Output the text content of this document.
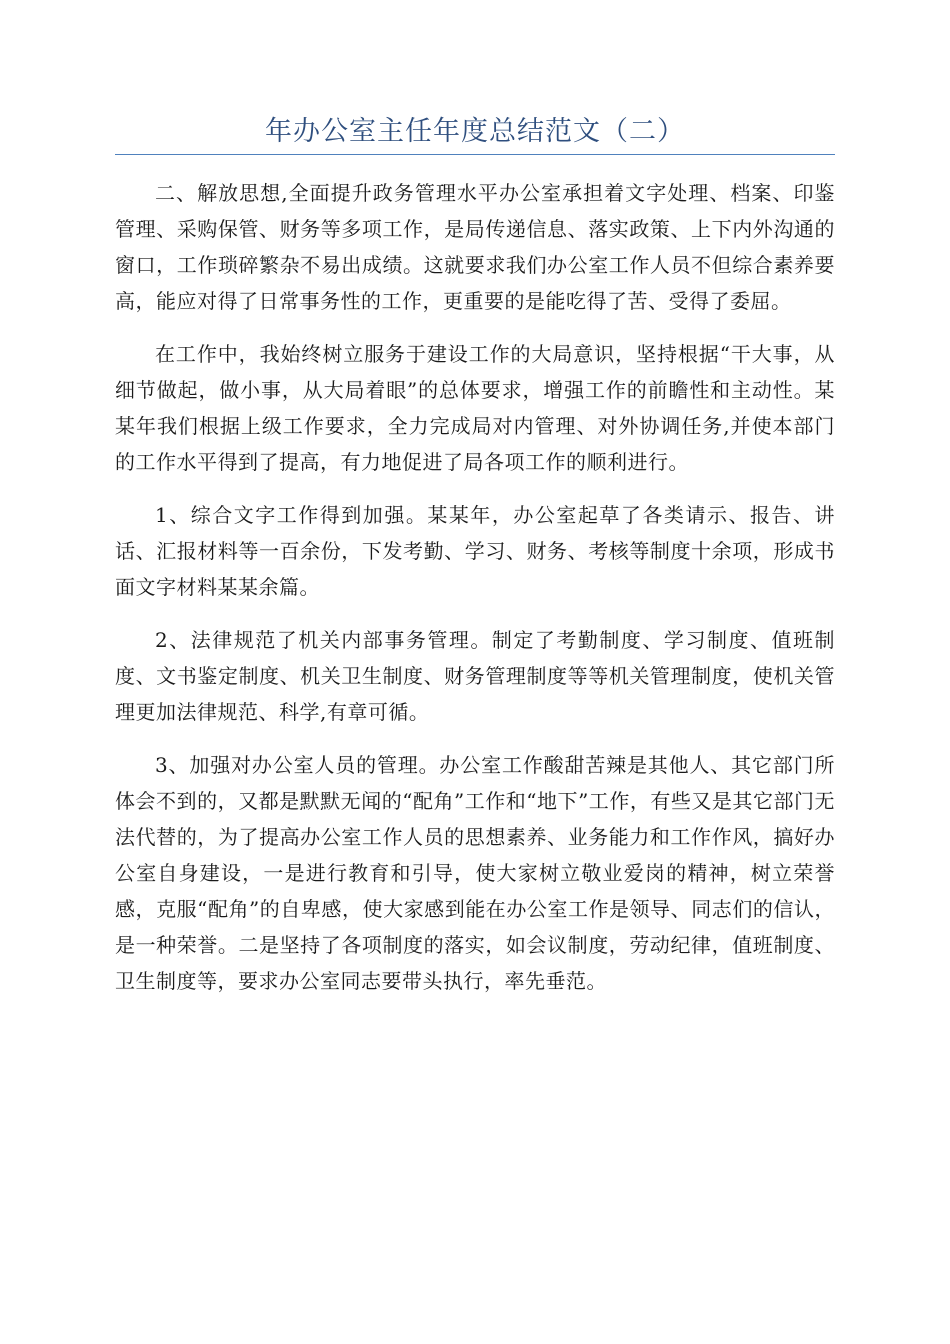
年办公室主任年度总结范文（二）

二、解放思想,全面提升政务管理水平办公室承担着文字处理、档案、印鉴管理、采购保管、财务等多项工作，是局传递信息、落实政策、上下内外沟通的窗口，工作琐碎繁杂不易出成绩。这就要求我们办公室工作人员不但综合素养要高，能应对得了日常事务性的工作，更重要的是能吃得了苦、受得了委屈。

在工作中，我始终树立服务于建设工作的大局意识，坚持根据“干大事，从细节做起，做小事，从大局着眼”的总体要求，增强工作的前瞻性和主动性。某某年我们根据上级工作要求，全力完成局对内管理、对外协调任务,并使本部门的工作水平得到了提高，有力地促进了局各项工作的顺利进行。

1、综合文字工作得到加强。某某年，办公室起草了各类请示、报告、讲话、汇报材料等一百余份，下发考勤、学习、财务、考核等制度十余项，形成书面文字材料某某余篇。

2、法律规范了机关内部事务管理。制定了考勤制度、学习制度、值班制度、文书鉴定制度、机关卫生制度、财务管理制度等等机关管理制度，使机关管理更加法律规范、科学,有章可循。

3、加强对办公室人员的管理。办公室工作酸甜苦辣是其他人、其它部门所体会不到的，又都是默默无闻的“配角”工作和“地下”工作，有些又是其它部门无法代替的，为了提高办公室工作人员的思想素养、业务能力和工作作风，搞好办公室自身建设，一是进行教育和引导，使大家树立敬业爱岗的精神，树立荣誉感，克服“配角”的自卑感，使大家感到能在办公室工作是领导、同志们的信认，是一种荣誉。二是坚持了各项制度的落实，如会议制度，劳动纪律，值班制度、卫生制度等，要求办公室同志要带头执行，率先垂范。
